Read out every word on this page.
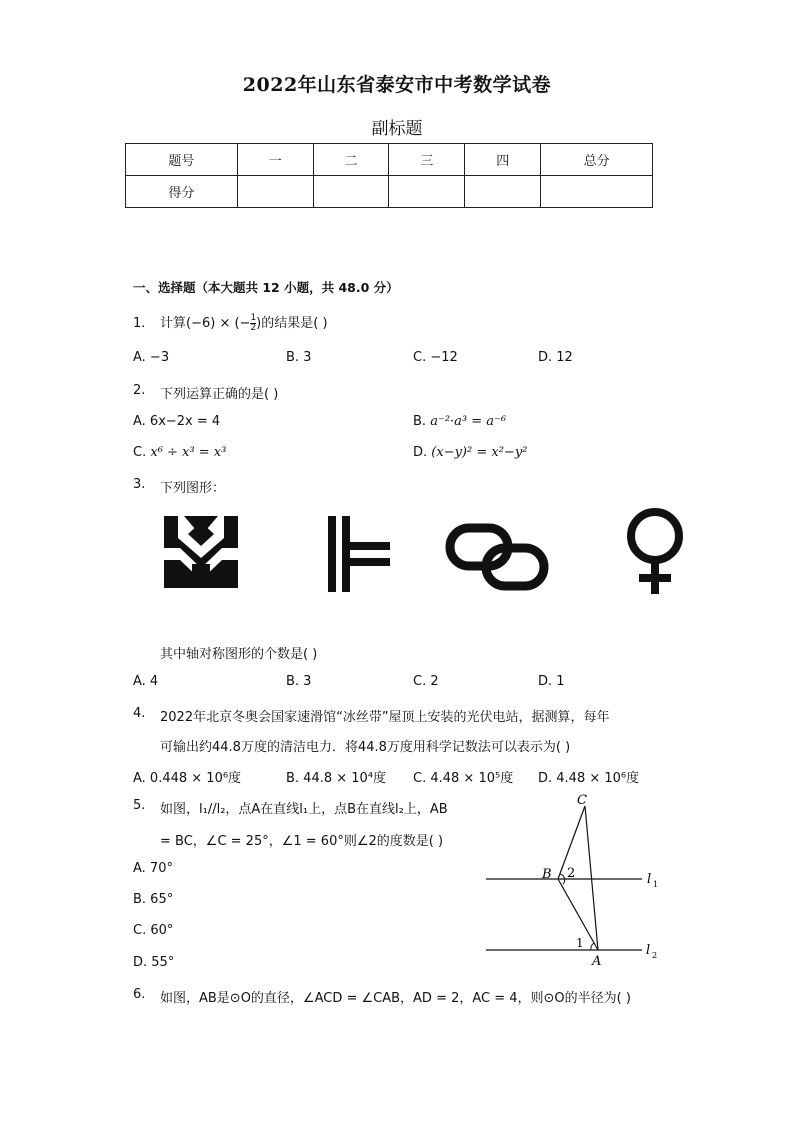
2022年山东省泰安市中考数学试卷
副标题
题号	一	二	三	四	总分
得分					
一、选择题（本大题共 12 小题，共 48.0 分）
1. 计算(−6) × (− $\frac{1}{2}$ )的结果是( )
A. −3	B. 3	C. −12	D. 12
2. 下列运算正确的是( )
A. 6x−2x = 4	B. a⁻²·a³ = a⁻⁶
C. x⁶ ÷ x³ = x³	D. (x−y)² = x²−y²
3. 下列图形：
其中轴对称图形的个数是( )
A. 4	B. 3	C. 2	D. 1
4. 2022年北京冬奥会国家速滑馆“冰丝带”屋顶上安装的光伏电站，据测算，每年
可输出约44.8万度的清洁电力．将44.8万度用科学记数法可以表示为( )
A. 0.448 × 10⁶度	B. 44.8 × 10⁴度 C. 4.48 × 10⁵度 D. 4.48 × 10⁶度
5. 如图，l₁//l₂，点A在直线l₁上，点B在直线l₂上，AB
= BC，∠C = 25°，∠1 = 60°则∠2的度数是( )
A. 70°
B. 65°
C. 60°
D. 55°
C
B 2
1
A
l 1
l 2
6. 如图，AB是⊙O的直径，∠ACD = ∠CAB，AD = 2，AC = 4，则⊙O的半径为( )
